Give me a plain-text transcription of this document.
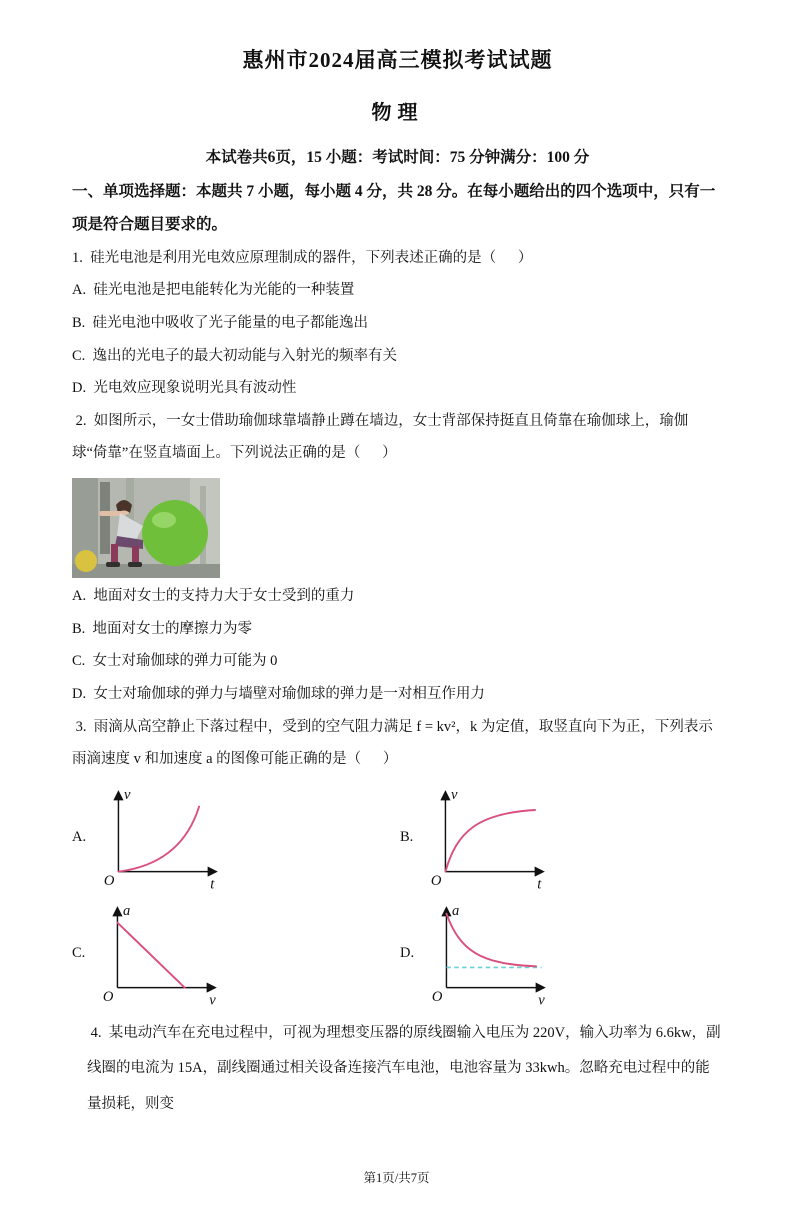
惠州市2024届高三模拟考试试题
物理
本试卷共6页，15 小题：考试时间：75 分钟满分：100 分
一、单项选择题：本题共 7 小题，每小题 4 分，共 28 分。在每小题给出的四个选项中，只有一项是符合题目要求的。

1.  硅光电池是利用光电效应原理制成的器件，下列表述正确的是（      ）

A.  硅光电池是把电能转化为光能的一种装置

B.  硅光电池中吸收了光子能量的电子都能逸出

C.  逸出的光电子的最大初动能与入射光的频率有关

D.  光电效应现象说明光具有波动性

2.  如图所示，一女士借助瑜伽球靠墙静止蹲在墙边，女士背部保持挺直且倚靠在瑜伽球上，瑜伽球“倚靠”在竖直墙面上。下列说法正确的是（      ）

A.  地面对女士的支持力大于女士受到的重力

B.  地面对女士的摩擦力为零

C.  女士对瑜伽球的弹力可能为 0

D.  女士对瑜伽球的弹力与墙壁对瑜伽球的弹力是一对相互作用力

3.  雨滴从高空静止下落过程中，受到的空气阻力满足 f = kv²，k 为定值，取竖直向下为正，下列表示雨滴速度 v 和加速度 a 的图像可能正确的是（      ）

A.
v
t
O
B.
v
t
O
C.
a
v
O
D.
a
v
O

4.  某电动汽车在充电过程中，可视为理想变压器的原线圈输入电压为 220V，输入功率为 6.6kw，副线圈的电流为 15A，副线圈通过相关设备连接汽车电池，电池容量为 33kwh。忽略充电过程中的能量损耗，则变

第1页/共7页
